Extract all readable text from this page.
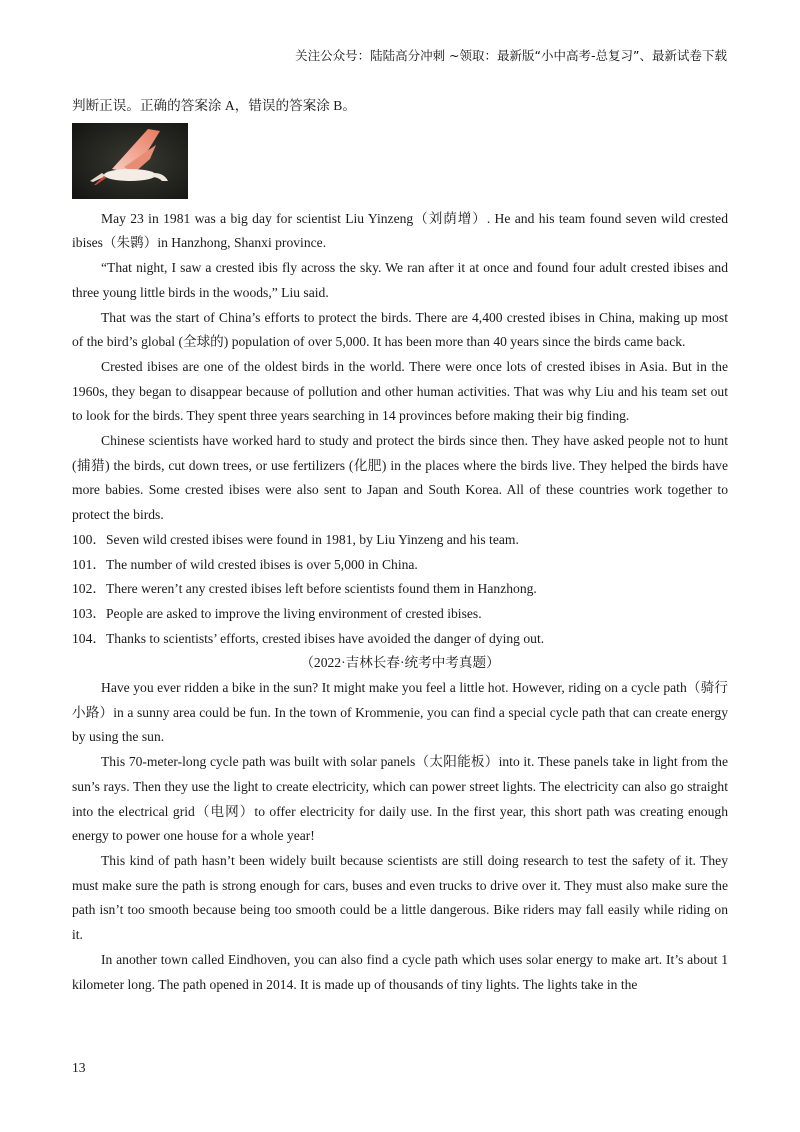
关注公众号：陆陆高分冲刺 ~领取：最新版“小中高考-总复习”、最新试卷下载

判断正误。正确的答案涂 A，错误的答案涂 B。

May 23 in 1981 was a big day for scientist Liu Yinzeng（刘荫增）. He and his team found seven wild crested ibises（朱鹮）in Hanzhong, Shanxi province.

“That night, I saw a crested ibis fly across the sky. We ran after it at once and found four adult crested ibises and three young little birds in the woods,” Liu said.

That was the start of China’s efforts to protect the birds. There are 4,400 crested ibises in China, making up most of the bird’s global (全球的) population of over 5,000. It has been more than 40 years since the birds came back.

Crested ibises are one of the oldest birds in the world. There were once lots of crested ibises in Asia. But in the 1960s, they began to disappear because of pollution and other human activities. That was why Liu and his team set out to look for the birds. They spent three years searching in 14 provinces before making their big finding.

Chinese scientists have worked hard to study and protect the birds since then. They have asked people not to hunt (捕猎) the birds, cut down trees, or use fertilizers (化肥) in the places where the birds live. They helped the birds have more babies. Some crested ibises were also sent to Japan and South Korea. All of these countries work together to protect the birds.

100．Seven wild crested ibises were found in 1981, by Liu Yinzeng and his team.

101．The number of wild crested ibises is over 5,000 in China.

102．There weren’t any crested ibises left before scientists found them in Hanzhong.

103．People are asked to improve the living environment of crested ibises.

104．Thanks to scientists’ efforts, crested ibises have avoided the danger of dying out.

（2022·吉林长春·统考中考真题）

Have you ever ridden a bike in the sun? It might make you feel a little hot. However, riding on a cycle path（骑行小路）in a sunny area could be fun. In the town of Krommenie, you can find a special cycle path that can create energy by using the sun.

This 70-meter-long cycle path was built with solar panels（太阳能板）into it. These panels take in light from the sun’s rays. Then they use the light to create electricity, which can power street lights. The electricity can also go straight into the electrical grid（电网）to offer electricity for daily use. In the first year, this short path was creating enough energy to power one house for a whole year!

This kind of path hasn’t been widely built because scientists are still doing research to test the safety of it. They must make sure the path is strong enough for cars, buses and even trucks to drive over it. They must also make sure the path isn’t too smooth because being too smooth could be a little dangerous. Bike riders may fall easily while riding on it.

In another town called Eindhoven, you can also find a cycle path which uses solar energy to make art. It’s about 1 kilometer long. The path opened in 2014. It is made up of thousands of tiny lights. The lights take in the

13
